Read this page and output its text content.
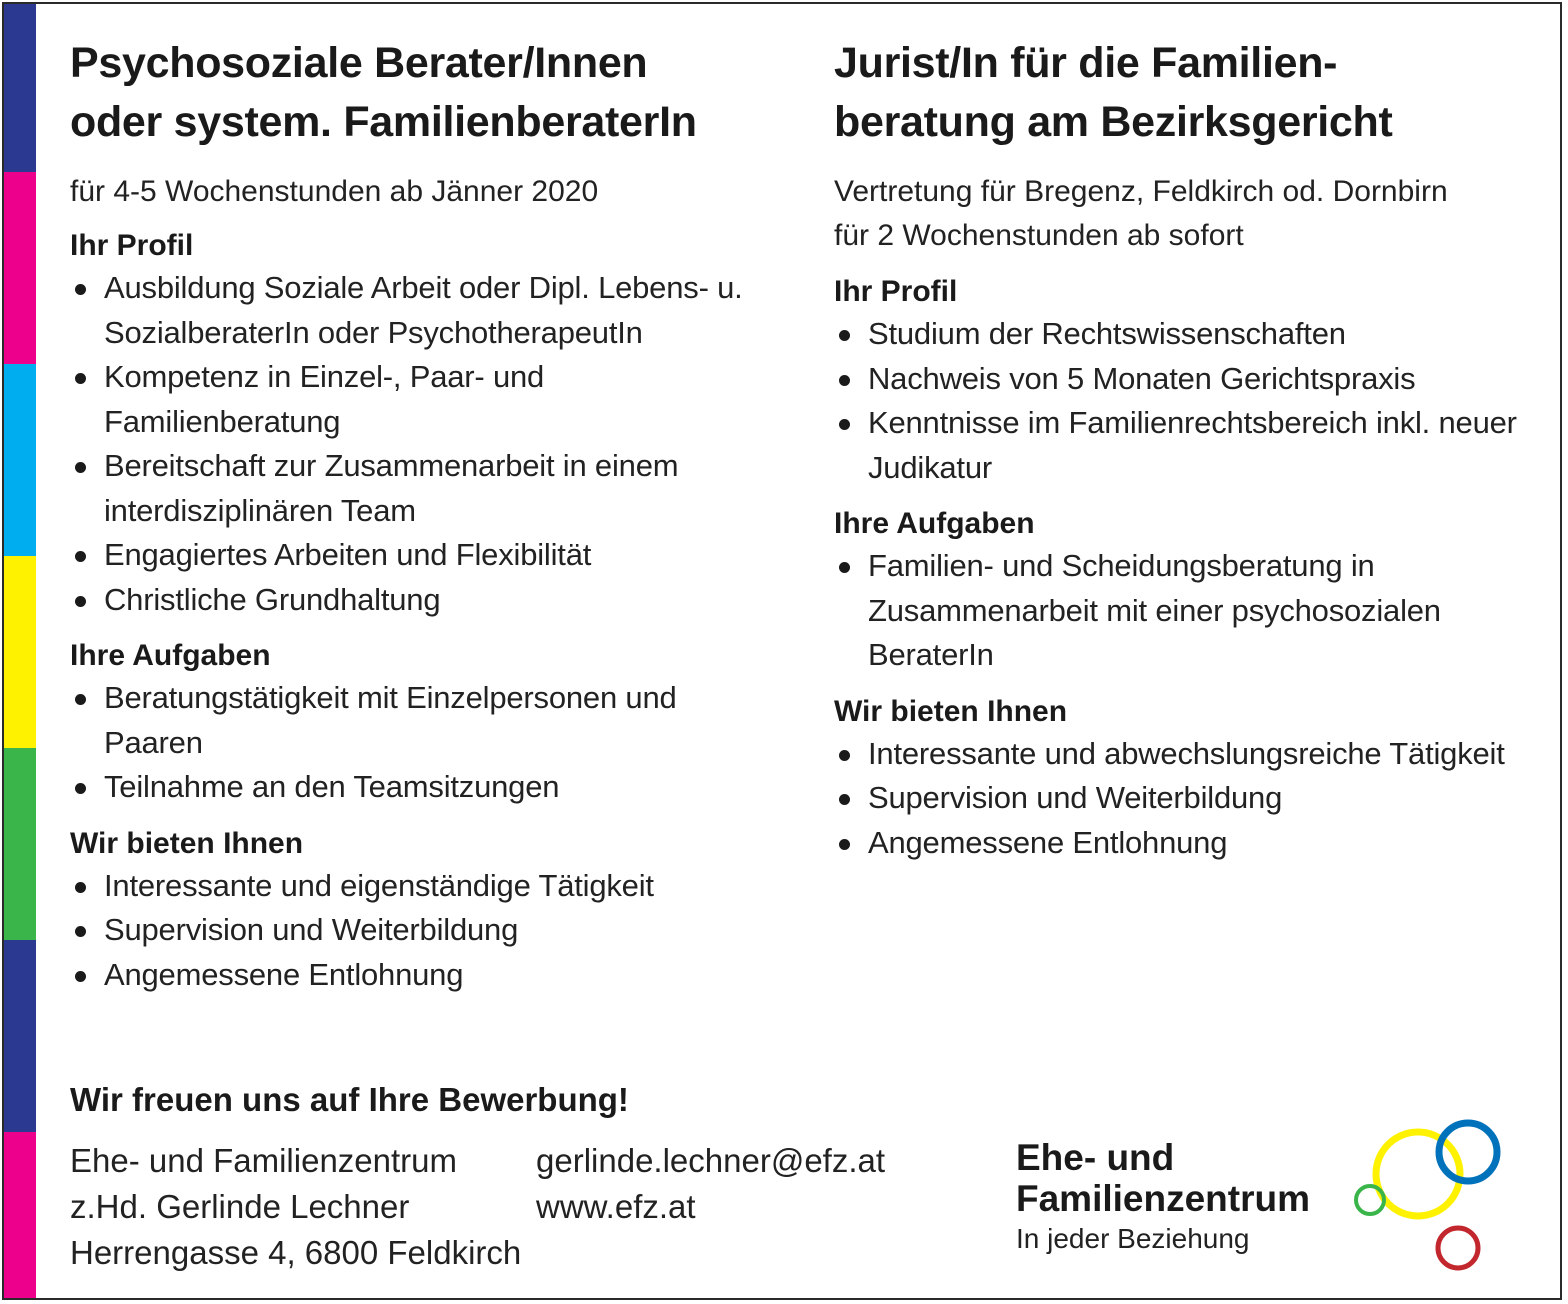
Psychosoziale Berater/Innen
oder system. FamilienberaterIn
für 4-5 Wochenstunden ab Jänner 2020
Ihr Profil
Ausbildung Soziale Arbeit oder Dipl. Lebens- u. SozialberaterIn oder PsychotherapeutIn
Kompetenz in Einzel-, Paar- und Familienberatung
Bereitschaft zur Zusammenarbeit in einem interdisziplinären Team
Engagiertes Arbeiten und Flexibilität
Christliche Grundhaltung
Ihre Aufgaben
Beratungstätigkeit mit Einzelpersonen und Paaren
Teilnahme an den Teamsitzungen
Wir bieten Ihnen
Interessante und eigenständige Tätigkeit
Supervision und Weiterbildung
Angemessene Entlohnung
Jurist/In für die Familien-
beratung am Bezirksgericht
Vertretung für Bregenz, Feldkirch od. Dornbirn
für 2 Wochenstunden ab sofort
Ihr Profil
Studium der Rechtswissenschaften
Nachweis von 5 Monaten Gerichtspraxis
Kenntnisse im Familienrechtsbereich inkl. neuer Judikatur
Ihre Aufgaben
Familien- und Scheidungsberatung in Zusammenarbeit mit einer psychosozialen BeraterIn
Wir bieten Ihnen
Interessante und abwechslungsreiche Tätigkeit
Supervision und Weiterbildung
Angemessene Entlohnung
Wir freuen uns auf Ihre Bewerbung!
Ehe- und Familienzentrum
z.Hd. Gerlinde Lechner
Herrengasse 4, 6800 Feldkirch
gerlinde.lechner@efz.at
www.efz.at
Ehe- und
Familienzentrum
In jeder Beziehung
